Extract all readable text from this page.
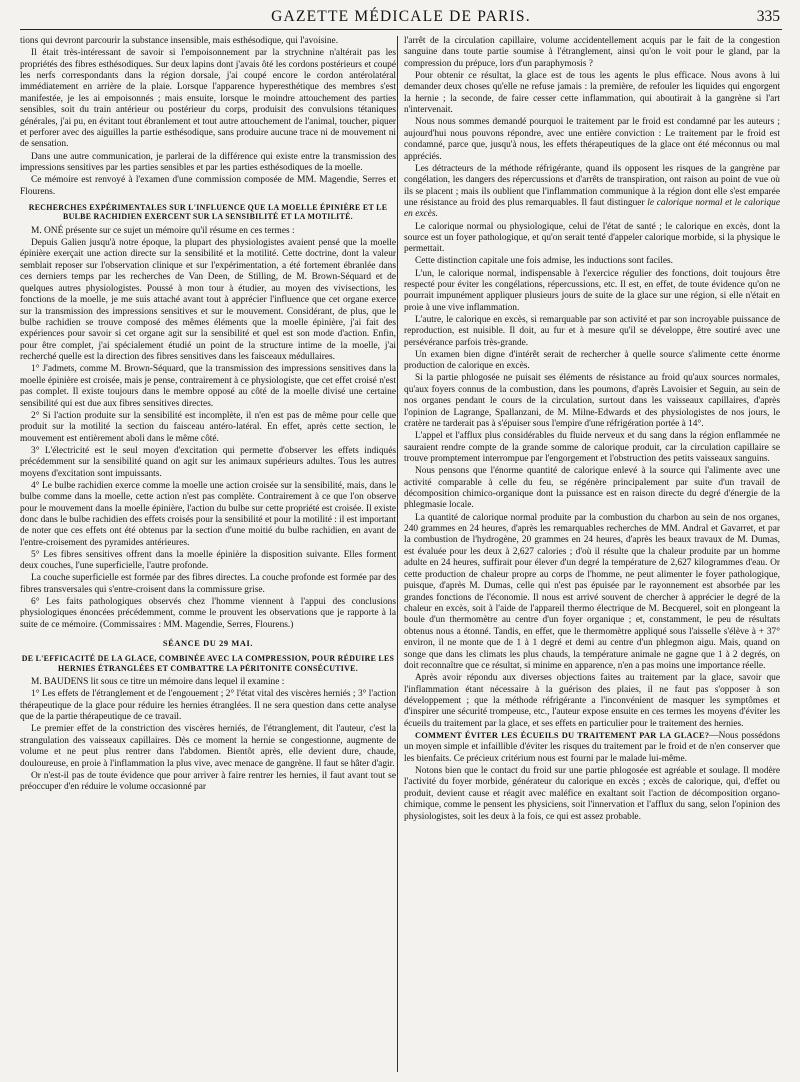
GAZETTE MÉDICALE DE PARIS.	335

tions qui devront parcourir la substance insensible, mais esthésodique, qui l'avoisine.

Il était très-intéressant de savoir si l'empoisonnement par la strychnine n'altérait pas les propriétés des fibres esthésodiques. Sur deux lapins dont j'avais ôté les cordons postérieurs et coupé les nerfs correspondants dans la région dorsale, j'ai coupé encore le cordon antérolatéral immédiatement en arrière de la plaie. Lorsque l'apparence hyperesthétique des membres s'est manifestée, je les ai empoisonnés ; mais ensuite, lorsque le moindre attouchement des parties sensibles, soit du train antérieur ou postérieur du corps, produisit des convulsions tétaniques générales, j'ai pu, en évitant tout ébranlement et tout autre attouchement de l'animal, toucher, piquer et perforer avec des aiguilles la partie esthésodique, sans produire aucune trace ni de mouvement ni de sensation.

Dans une autre communication, je parlerai de la différence qui existe entre la transmission des impressions sensitives par les parties sensibles et par les parties esthésodiques de la moelle.

Ce mémoire est renvoyé à l'examen d'une commission composée de MM. Magendie, Serres et Flourens.

RECHERCHES EXPÉRIMENTALES SUR L'INFLUENCE QUE LA MOELLE ÉPINIÈRE ET LE BULBE RACHIDIEN EXERCENT SUR LA SENSIBILITÉ ET LA MOTILITÉ.

M. ONÉ présente sur ce sujet un mémoire qu'il résume en ces termes :

Depuis Galien jusqu'à notre époque, la plupart des physiologistes avaient pensé que la moelle épinière exerçait une action directe sur la sensibilité et la motilité. Cette doctrine, dont la valeur semblait reposer sur l'observation clinique et sur l'expérimentation, a été fortement ébranlée dans ces derniers temps par les recherches de Van Deen, de Stilling, de M. Brown-Séquard et de quelques autres physiologistes. Poussé à mon tour à étudier, au moyen des vivisections, les fonctions de la moelle, je me suis attaché avant tout à apprécier l'influence que cet organe exerce sur la transmission des impressions sensitives et sur le mouvement. Considérant, de plus, que le bulbe rachidien se trouve composé des mêmes éléments que la moelle épinière, j'ai fait des expériences pour savoir si cet organe agit sur la sensibilité et quel est son mode d'action. Enfin, pour être complet, j'ai spécialement étudié un point de la structure intime de la moelle, j'ai recherché quelle est la direction des fibres sensitives dans les faisceaux médullaires.

1° J'admets, comme M. Brown-Séquard, que la transmission des impressions sensitives dans la moelle épinière est croisée, mais je pense, contrairement à ce physiologiste, que cet effet croisé n'est pas complet. Il existe toujours dans le membre opposé au côté de la moelle divisé une certaine sensibilité qui est due aux fibres sensitives directes.

2° Si l'action produite sur la sensibilité est incomplète, il n'en est pas de même pour celle que produit sur la motilité la section du faisceau antéro-latéral. En effet, après cette section, le mouvement est entièrement aboli dans le même côté.

3° L'électricité est le seul moyen d'excitation qui permette d'observer les effets indiqués précédemment sur la sensibilité quand on agit sur les animaux supérieurs adultes. Tous les autres moyens d'excitation sont impuissants.

4° Le bulbe rachidien exerce comme la moelle une action croisée sur la sensibilité, mais, dans le bulbe comme dans la moelle, cette action n'est pas complète. Contrairement à ce que l'on observe pour le mouvement dans la moelle épinière, l'action du bulbe sur cette propriété est croisée. Il existe donc dans le bulbe rachidien des effets croisés pour la sensibilité et pour la motilité : il est important de noter que ces effets ont été obtenus par la section d'une moitié du bulbe rachidien, en avant de l'entre-croisement des pyramides antérieures.

5° Les fibres sensitives offrent dans la moelle épinière la disposition suivante. Elles forment deux couches, l'une superficielle, l'autre profonde.

La couche superficielle est formée par des fibres directes. La couche profonde est formée par des fibres transversales qui s'entre-croisent dans la commissure grise.

6° Les faits pathologiques observés chez l'homme viennent à l'appui des conclusions physiologiques énoncées précédemment, comme le prouvent les observations que je rapporte à la suite de ce mémoire. (Commissaires : MM. Magendie, Serres, Flourens.)

SÉANCE DU 29 MAI.
DE L'EFFICACITÉ DE LA GLACE, COMBINÉE AVEC LA COMPRESSION, POUR RÉDUIRE LES HERNIES ÉTRANGLÉES ET COMBATTRE LA PÉRITONITE CONSÉCUTIVE.

M. BAUDENS lit sous ce titre un mémoire dans lequel il examine :

1° Les effets de l'étranglement et de l'engouement ; 2° l'état vital des viscères herniés ; 3° l'action thérapeutique de la glace pour réduire les hernies étranglées. Il ne sera question dans cette analyse que de la partie thérapeutique de ce travail.

Le premier effet de la constriction des viscères herniés, de l'étranglement, dit l'auteur, c'est la strangulation des vaisseaux capillaires. Dès ce moment la hernie se congestionne, augmente de volume et ne peut plus rentrer dans l'abdomen. Bientôt après, elle devient dure, chaude, douloureuse, en proie à l'inflammation la plus vive, avec menace de gangrène. Il faut se hâter d'agir.

Or n'est-il pas de toute évidence que pour arriver à faire rentrer les hernies, il faut avant tout se préoccuper d'en réduire le volume occasionné par

l'arrêt de la circulation capillaire, volume accidentellement acquis par le fait de la congestion sanguine dans toute partie soumise à l'étranglement, ainsi qu'on le voit pour le gland, par la compression du prépuce, lors d'un paraphymosis ?

Pour obtenir ce résultat, la glace est de tous les agents le plus efficace. Nous avons à lui demander deux choses qu'elle ne refuse jamais : la première, de refouler les liquides qui engorgent la hernie ; la seconde, de faire cesser cette inflammation, qui aboutirait à la gangrène si l'art n'intervenait.

Nous nous sommes demandé pourquoi le traitement par le froid est condamné par les auteurs ; aujourd'hui nous pouvons répondre, avec une entière conviction : Le traitement par le froid est condamné, parce que, jusqu'à nous, les effets thérapeutiques de la glace ont été méconnus ou mal appréciés.

Les détracteurs de la méthode réfrigérante, quand ils opposent les risques de la gangrène par congélation, les dangers des répercussions et d'arrêts de transpiration, ont raison au point de vue où ils se placent ; mais ils oublient que l'inflammation communique à la région dont elle s'est emparée une résistance au froid des plus remarquables. Il faut distinguer le calorique normal et le calorique en excès.

Le calorique normal ou physiologique, celui de l'état de santé ; le calorique en excès, dont la source est un foyer pathologique, et qu'on serait tenté d'appeler calorique morbide, si la physique le permettait.

Cette distinction capitale une fois admise, les inductions sont faciles.

L'un, le calorique normal, indispensable à l'exercice régulier des fonctions, doit toujours être respecté pour éviter les congélations, répercussions, etc. Il est, en effet, de toute évidence qu'on ne pourrait impunément appliquer plusieurs jours de suite de la glace sur une région, si elle n'était en proie à une vive inflammation.

L'autre, le calorique en excès, si remarquable par son activité et par son incroyable puissance de reproduction, est nuisible. Il doit, au fur et à mesure qu'il se développe, être soutiré avec une persévérance parfois très-grande.

Un examen bien digne d'intérêt serait de rechercher à quelle source s'alimente cette énorme production de calorique en excès.

Si la partie phlogosée ne puisait ses éléments de résistance au froid qu'aux sources normales, qu'aux foyers connus de la combustion, dans les poumons, d'après Lavoisier et Seguin, au sein de nos organes pendant le cours de la circulation, surtout dans les vaisseaux capillaires, d'après l'opinion de Lagrange, Spallanzani, de M. Milne-Edwards et des physiologistes de nos jours, le cratère ne tarderait pas à s'épuiser sous l'empire d'une réfrigération portée à 14°.

L'appel et l'afflux plus considérables du fluide nerveux et du sang dans la région enflammée ne sauraient rendre compte de la grande somme de calorique produit, car la circulation capillaire se trouve promptement interrompue par l'engorgement et l'obstruction des petits vaisseaux sanguins.

Nous pensons que l'énorme quantité de calorique enlevé à la source qui l'alimente avec une activité comparable à celle du feu, se régénère principalement par suite d'un travail de décomposition chimico-organique dont la puissance est en raison directe du degré d'énergie de la phlegmasie locale.

La quantité de calorique normal produite par la combustion du charbon au sein de nos organes, 240 grammes en 24 heures, d'après les remarquables recherches de MM. Andral et Gavarret, et par la combustion de l'hydrogène, 20 grammes en 24 heures, d'après les beaux travaux de M. Dumas, est évaluée pour les deux à 2,627 calories ; d'où il résulte que la chaleur produite par un homme adulte en 24 heures, suffirait pour élever d'un degré la température de 2,627 kilogrammes d'eau. Or cette production de chaleur propre au corps de l'homme, ne peut alimenter le foyer pathologique, puisque, d'après M. Dumas, celle qui n'est pas épuisée par le rayonnement est absorbée par les grandes fonctions de l'économie. Il nous est arrivé souvent de chercher à apprécier le degré de la chaleur en excès, soit à l'aide de l'appareil thermo électrique de M. Becquerel, soit en plongeant la boule d'un thermomètre au centre d'un foyer organique ; et, constamment, le peu de résultats obtenus nous a étonné. Tandis, en effet, que le thermomètre appliqué sous l'aisselle s'élève à + 37° environ, il ne monte que de 1 à 1 degré et demi au centre d'un phlegmon aigu. Mais, quand on songe que dans les climats les plus chauds, la température animale ne gagne que 1 à 2 degrés, on doit reconnaître que ce résultat, si minime en apparence, n'en a pas moins une importance réelle.

Après avoir répondu aux diverses objections faites au traitement par la glace, savoir que l'inflammation étant nécessaire à la guérison des plaies, il ne faut pas s'opposer à son développement ; que la méthode réfrigérante a l'inconvénient de masquer les symptômes et d'inspirer une sécurité trompeuse, etc., l'auteur expose ensuite en ces termes les moyens d'éviter les écueils du traitement par la glace, et ses effets en particulier pour le traitement des hernies.

COMMENT ÉVITER LES ÉCUEILS DU TRAITEMENT PAR LA GLACE?—Nous possédons un moyen simple et infaillible d'éviter les risques du traitement par le froid et de n'en conserver que les bienfaits. Ce précieux critérium nous est fourni par le malade lui-même.

Notons bien que le contact du froid sur une partie phlogosée est agréable et soulage. Il modère l'activité du foyer morbide, générateur du calorique en excès ; excès de calorique, qui, d'effet ou produit, devient cause et réagit avec maléfice en exaltant soit l'action de décomposition organo-chimique, comme le pensent les physiciens, soit l'innervation et l'afflux du sang, selon l'opinion des physiologistes, soit les deux à la fois, ce qui est assez probable.
